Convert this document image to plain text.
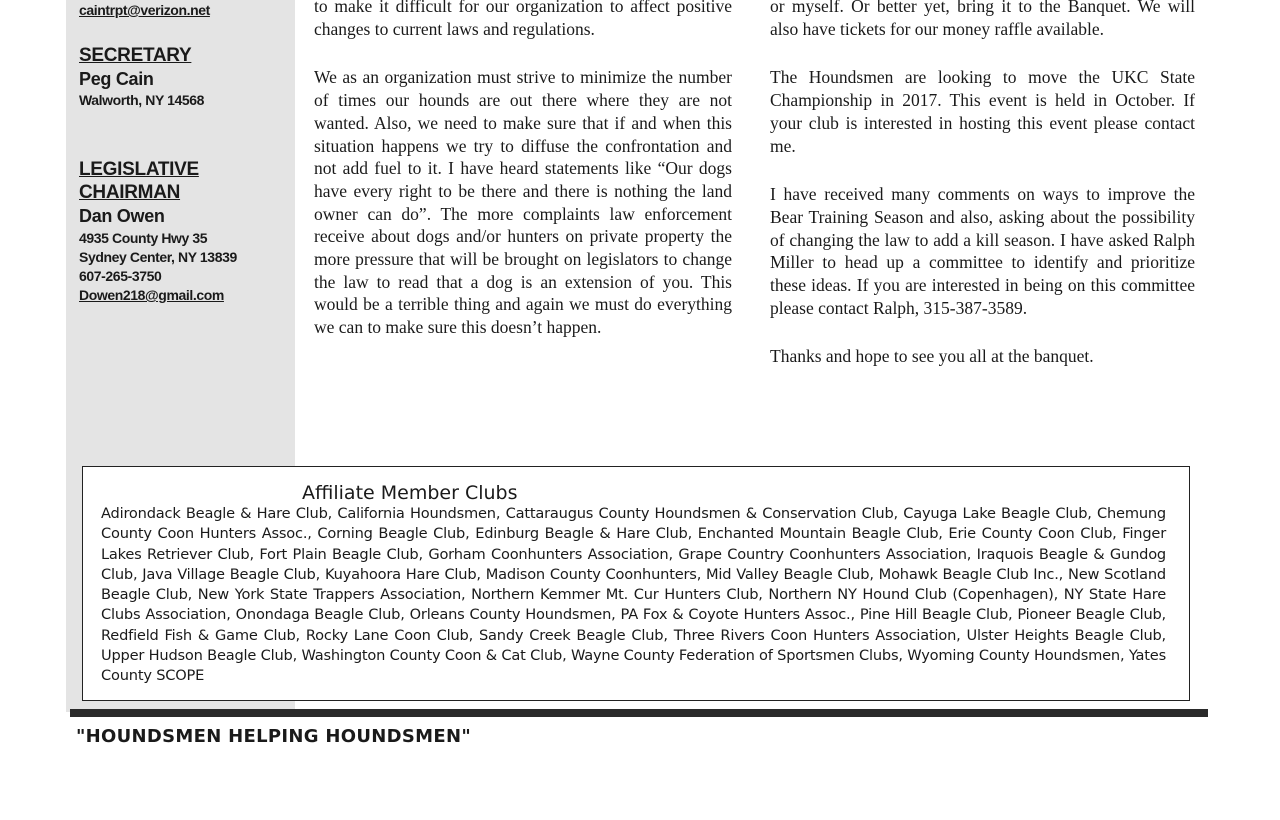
caintrpt@verizon.net
SECRETARY
Peg Cain
Walworth, NY 14568
LEGISLATIVE
CHAIRMAN
Dan Owen
4935 County Hwy 35
Sydney Center, NY 13839
607-265-3750
Dowen218@gmail.com

to make it difficult for our organization to affect positive changes to current laws and regulations.

We as an organization must strive to minimize the number of times our hounds are out there where they are not wanted. Also, we need to make sure that if and when this situation happens we try to diffuse the confrontation and not add fuel to it. I have heard statements like “Our dogs have every right to be there and there is nothing the land owner can do”. The more complaints law enforcement receive about dogs and/or hunters on private property the more pressure that will be brought on legislators to change the law to read that a dog is an extension of you. This would be a terrible thing and again we must do everything we can to make sure this doesn’t happen.

or myself. Or better yet, bring it to the Banquet. We will also have tickets for our money raffle available.

The Houndsmen are looking to move the UKC State Championship in 2017. This event is held in October. If your club is interested in hosting this event please contact me.

I have received many comments on ways to improve the Bear Training Season and also, asking about the possibility of changing the law to add a kill season. I have asked Ralph Miller to head up a committee to identify and prioritize these ideas. If you are interested in being on this committee please contact Ralph, 315-387-3589.

Thanks and hope to see you all at the banquet.

Affiliate Member Clubs
Adirondack Beagle & Hare Club, California Houndsmen, Cattaraugus County Houndsmen & Conservation Club, Cayuga Lake Beagle Club, Chemung County Coon Hunters Assoc., Corning Beagle Club, Edinburg Beagle & Hare Club, Enchanted Mountain Beagle Club, Erie County Coon Club, Finger Lakes Retriever Club, Fort Plain Beagle Club, Gorham Coonhunters Association, Grape Country Coonhunters Association, Iraquois Beagle & Gundog Club, Java Village Beagle Club, Kuyahoora Hare Club, Madison County Coonhunters, Mid Valley Beagle Club, Mohawk Beagle Club Inc., New Scotland Beagle Club, New York State Trappers Association, Northern Kemmer Mt. Cur Hunters Club, Northern NY Hound Club (Copenhagen), NY State Hare Clubs Association, Onondaga Beagle Club, Orleans County Houndsmen, PA Fox & Coyote Hunters Assoc., Pine Hill Beagle Club, Pioneer Beagle Club, Redfield Fish & Game Club, Rocky Lane Coon Club, Sandy Creek Beagle Club, Three Rivers Coon Hunters Association, Ulster Heights Beagle Club, Upper Hudson Beagle Club, Washington County Coon & Cat Club, Wayne County Federation of Sportsmen Clubs, Wyoming County Houndsmen, Yates County SCOPE
"HOUNDSMEN HELPING HOUNDSMEN"
